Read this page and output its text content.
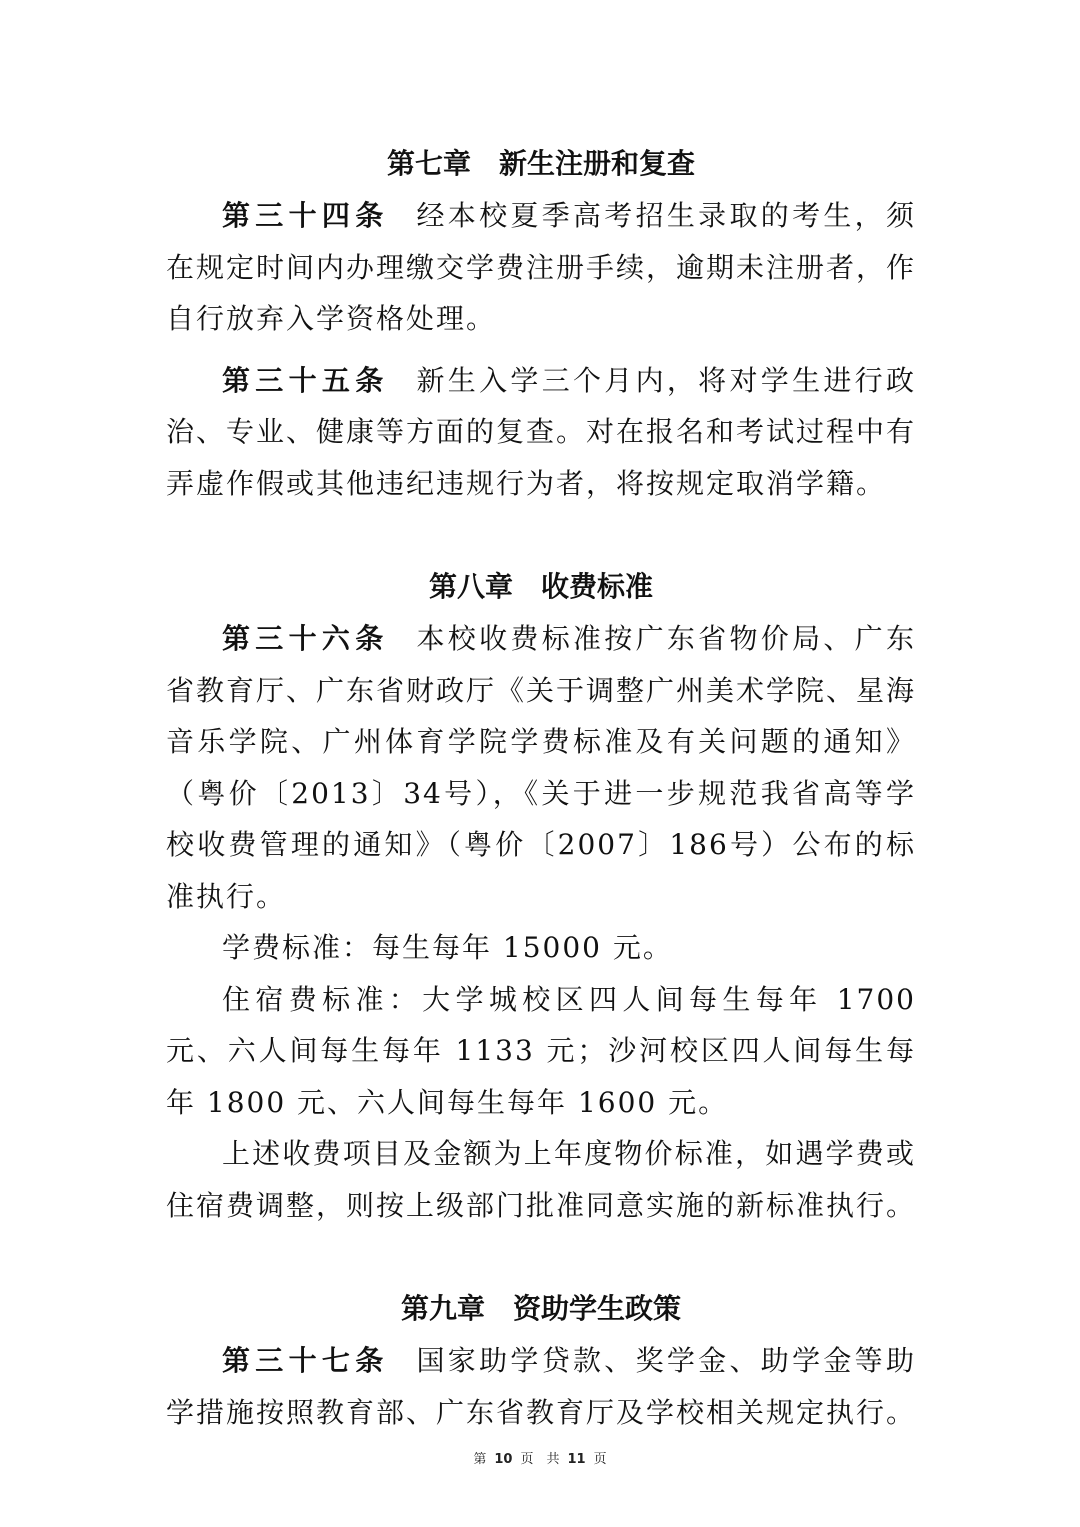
第七章　新生注册和复查

第三十四条 经本校夏季高考招生录取的考生，须在规定时间内办理缴交学费注册手续，逾期未注册者，作自行放弃入学资格处理。

第三十五条 新生入学三个月内，将对学生进行政治、专业、健康等方面的复查。对在报名和考试过程中有弄虚作假或其他违纪违规行为者，将按规定取消学籍。

第八章　收费标准

第三十六条 本校收费标准按广东省物价局、广东省教育厅、广东省财政厅《关于调整广州美术学院、星海音乐学院、广州体育学院学费标准及有关问题的通知》（粤价〔2013〕34号），《关于进一步规范我省高等学校收费管理的通知》（粤价〔2007〕186号）公布的标准执行。

学费标准：每生每年 15000 元。

住宿费标准：大学城校区四人间每生每年 1700 元、六人间每生每年 1133 元；沙河校区四人间每生每年 1800 元、六人间每生每年 1600 元。

上述收费项目及金额为上年度物价标准，如遇学费或住宿费调整，则按上级部门批准同意实施的新标准执行。

第九章　资助学生政策

第三十七条 国家助学贷款、奖学金、助学金等助学措施按照教育部、广东省教育厅及学校相关规定执行。

第 10 页　共 11 页
